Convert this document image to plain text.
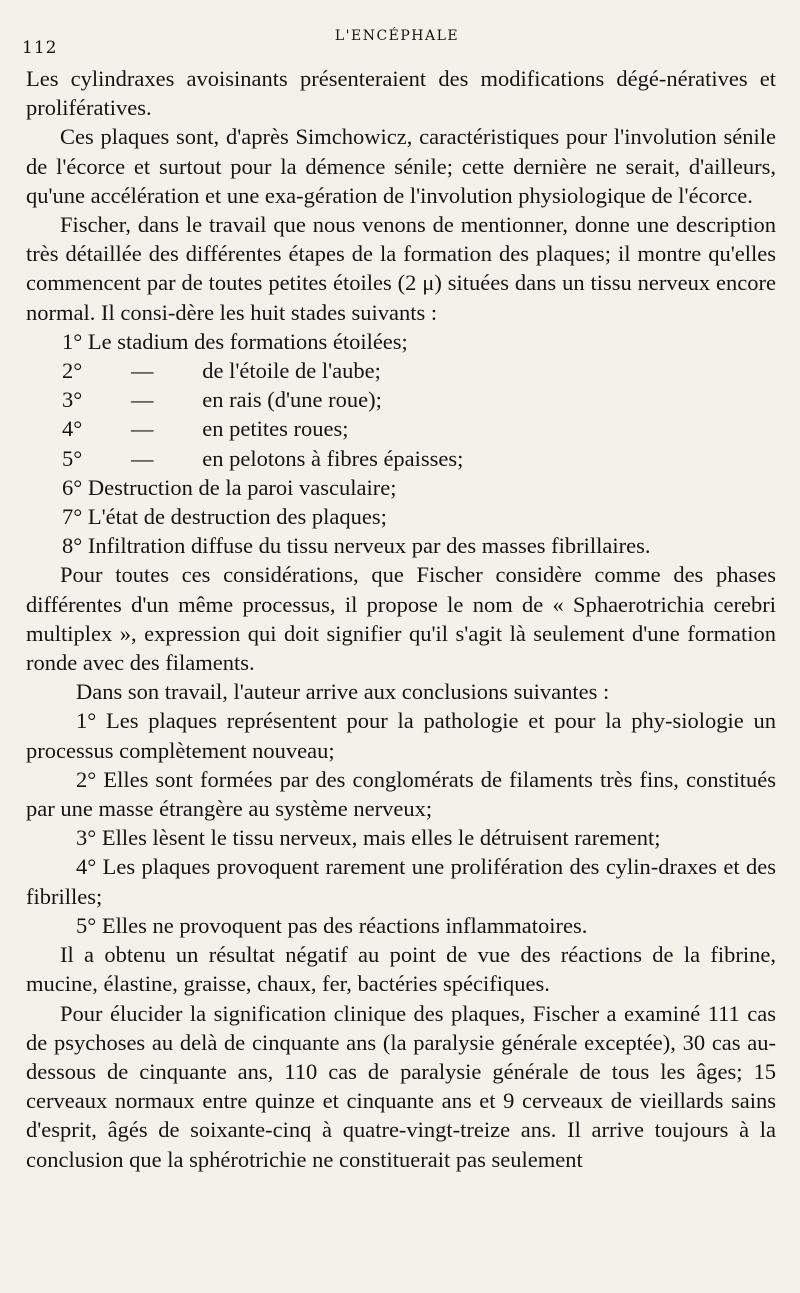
112
L'ENCÉPHALE

Les cylindraxes avoisinants présenteraient des modifications dégé-nératives et prolifératives.

Ces plaques sont, d'après Simchowicz, caractéristiques pour l'involution sénile de l'écorce et surtout pour la démence sénile; cette dernière ne serait, d'ailleurs, qu'une accélération et une exa-gération de l'involution physiologique de l'écorce.

Fischer, dans le travail que nous venons de mentionner, donne une description très détaillée des différentes étapes de la formation des plaques; il montre qu'elles commencent par de toutes petites étoiles (2 μ) situées dans un tissu nerveux encore normal. Il consi-dère les huit stades suivants :

1° Le stadium des formations étoilées;

2° — de l'étoile de l'aube;

3° — en rais (d'une roue);

4° — en petites roues;

5° — en pelotons à fibres épaisses;

6° Destruction de la paroi vasculaire;

7° L'état de destruction des plaques;

8° Infiltration diffuse du tissu nerveux par des masses fibrillaires.

Pour toutes ces considérations, que Fischer considère comme des phases différentes d'un même processus, il propose le nom de « Sphaerotrichia cerebri multiplex », expression qui doit signifier qu'il s'agit là seulement d'une formation ronde avec des filaments.

Dans son travail, l'auteur arrive aux conclusions suivantes :

1° Les plaques représentent pour la pathologie et pour la phy-siologie un processus complètement nouveau;

2° Elles sont formées par des conglomérats de filaments très fins, constitués par une masse étrangère au système nerveux;

3° Elles lèsent le tissu nerveux, mais elles le détruisent rarement;

4° Les plaques provoquent rarement une prolifération des cylin-draxes et des fibrilles;

5° Elles ne provoquent pas des réactions inflammatoires.

Il a obtenu un résultat négatif au point de vue des réactions de la fibrine, mucine, élastine, graisse, chaux, fer, bactéries spécifiques.

Pour élucider la signification clinique des plaques, Fischer a examiné 111 cas de psychoses au delà de cinquante ans (la paralysie générale exceptée), 30 cas au-dessous de cinquante ans, 110 cas de paralysie générale de tous les âges; 15 cerveaux normaux entre quinze et cinquante ans et 9 cerveaux de vieillards sains d'esprit, âgés de soixante-cinq à quatre-vingt-treize ans. Il arrive toujours à la conclusion que la sphérotrichie ne constituerait pas seulement
